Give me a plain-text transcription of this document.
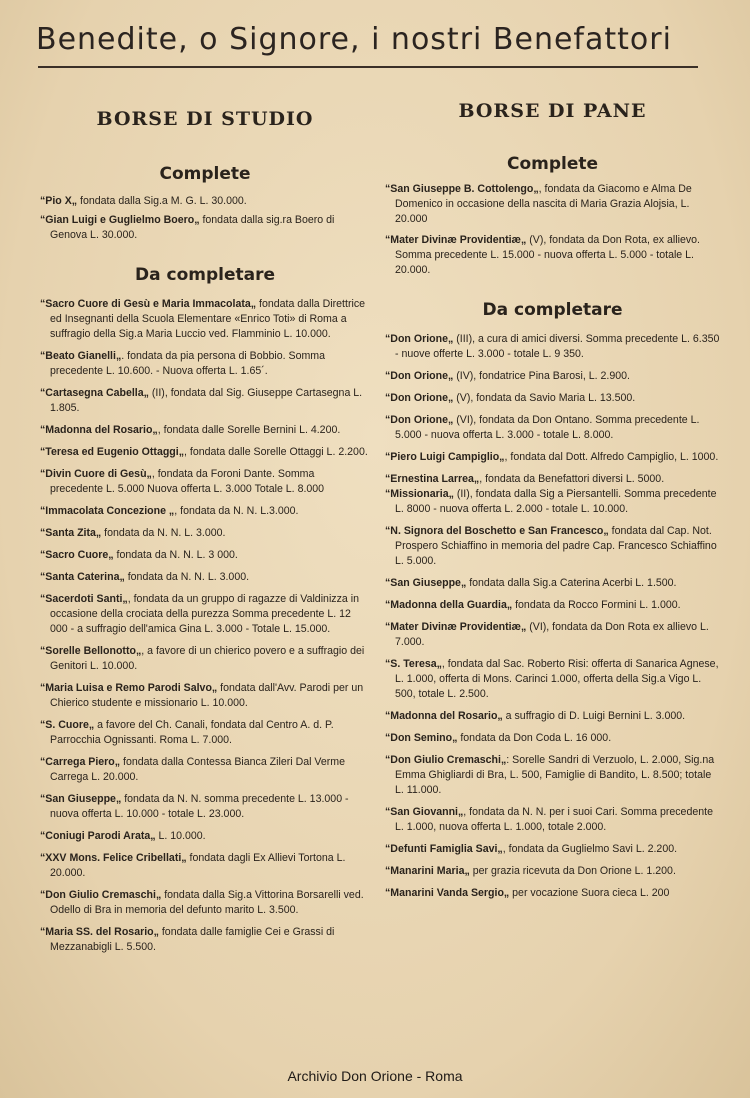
Benedite, o Signore, i nostri Benefattori
BORSE DI STUDIO
Complete

“Pio X„ fondata dalla Sig.a M. G. L. 30.000.

“Gian Luigi e Guglielmo Boero„ fondata dalla sig.ra Boero di Genova L. 30.000.

Da completare

“Sacro Cuore di Gesù e Maria Immacolata„ fondata dalla Direttrice ed Insegnanti della Scuola Elementare «Enrico Toti» di Roma a suffragio della Sig.a Maria Luccio ved. Flamminio L. 10.000.

“Beato Gianelli„. fondata da pia persona di Bobbio. Somma precedente L. 10.600. - Nuova offerta L. 1.65´.

“Cartasegna Cabella„ (II), fondata dal Sig. Giuseppe Cartasegna L. 1.805.

“Madonna del Rosario„, fondata dalle Sorelle Bernini L. 4.200.

“Teresa ed Eugenio Ottaggi„, fondata dalle Sorelle Ottaggi L. 2.200.

“Divin Cuore di Gesù„, fondata da Foroni Dante. Somma precedente L. 5.000 Nuova offerta L. 3.000 Totale L. 8.000

“Immacolata Concezione „, fondata da N. N. L.3.000.

“Santa Zita„ fondata da N. N. L. 3.000.

“Sacro Cuore„ fondata da N. N. L. 3 000.

“Santa Caterina„ fondata da N. N. L. 3.000.

“Sacerdoti Santi„, fondata da un gruppo di ragazze di Valdinizza in occasione della crociata della purezza Somma precedente L. 12 000 - a suffragio dell'amica Gina L. 3.000 - Totale L. 15.000.

“Sorelle Bellonotto„, a favore di un chierico povero e a suffragio dei Genitori L. 10.000.

“Maria Luisa e Remo Parodi Salvo„ fondata dall'Avv. Parodi per un Chierico studente e missionario L. 10.000.

“S. Cuore„ a favore del Ch. Canali, fondata dal Centro A. d. P. Parrocchia Ognissanti. Roma L. 7.000.

“Carrega Piero„ fondata dalla Contessa Bianca Zileri Dal Verme Carrega L. 20.000.

“San Giuseppe„ fondata da N. N. somma precedente L. 13.000 - nuova offerta L. 10.000 - totale L. 23.000.

“Coniugi Parodi Arata„ L. 10.000.

“XXV Mons. Felice Cribellati„ fondata dagli Ex Allievi Tortona L. 20.000.

“Don Giulio Cremaschi„ fondata dalla Sig.a Vittorina Borsarelli ved. Odello di Bra in memoria del defunto marito L. 3.500.

“Maria SS. del Rosario„ fondata dalle famiglie Cei e Grassi di Mezzanabigli L. 5.500.

BORSE DI PANE
Complete

“San Giuseppe B. Cottolengo„, fondata da Giacomo e Alma De Domenico in occasione della nascita di Maria Grazia Alojsia, L. 20.000

“Mater Divinæ Providentiæ„ (V), fondata da Don Rota, ex allievo. Somma precedente L. 15.000 - nuova offerta L. 5.000 - totale L. 20.000.

Da completare

“Don Orione„ (III), a cura di amici diversi. Somma precedente L. 6.350 - nuove offerte L. 3.000 - totale L. 9 350.

“Don Orione„ (IV), fondatrice Pina Barosi, L. 2.900.

“Don Orione„ (V), fondata da Savio Maria L. 13.500.

“Don Orione„ (VI), fondata da Don Ontano. Somma precedente L. 5.000 - nuova offerta L. 3.000 - totale L. 8.000.

“Piero Luigi Campiglio„, fondata dal Dott. Alfredo Campiglio, L. 1000.

“Ernestina Larrea„, fondata da Benefattori diversi L. 5000.

“Missionaria„ (II), fondata dalla Sig a Piersantelli. Somma precedente L. 8000 - nuova offerta L. 2.000 - totale L. 10.000.

“N. Signora del Boschetto e San Francesco„ fondata dal Cap. Not. Prospero Schiaffino in memoria del padre Cap. Francesco Schiaffino L. 5.000.

“San Giuseppe„ fondata dalla Sig.a Caterina Acerbi L. 1.500.

“Madonna della Guardia„ fondata da Rocco Formini L. 1.000.

“Mater Divinæ Providentiæ„ (VI), fondata da Don Rota ex allievo L. 7.000.

“S. Teresa„, fondata dal Sac. Roberto Risi: offerta di Sanarica Agnese, L. 1.000, offerta di Mons. Carinci 1.000, offerta della Sig.a Vigo L. 500, totale L. 2.500.

“Madonna del Rosario„ a suffragio di D. Luigi Bernini L. 3.000.

“Don Semino„ fondata da Don Coda L. 16 000.

“Don Giulio Cremaschi„: Sorelle Sandri di Verzuolo, L. 2.000, Sig.na Emma Ghigliardi di Bra, L. 500, Famiglie di Bandito, L. 8.500; totale L. 11.000.

“San Giovanni„, fondata da N. N. per i suoi Cari. Somma precedente L. 1.000, nuova offerta L. 1.000, totale 2.000.

“Defunti Famiglia Savi„, fondata da Guglielmo Savi L. 2.200.

“Manarini Maria„ per grazia ricevuta da Don Orione L. 1.200.

“Manarini Vanda Sergio„ per vocazione Suora cieca L. 200

Archivio Don Orione - Roma
